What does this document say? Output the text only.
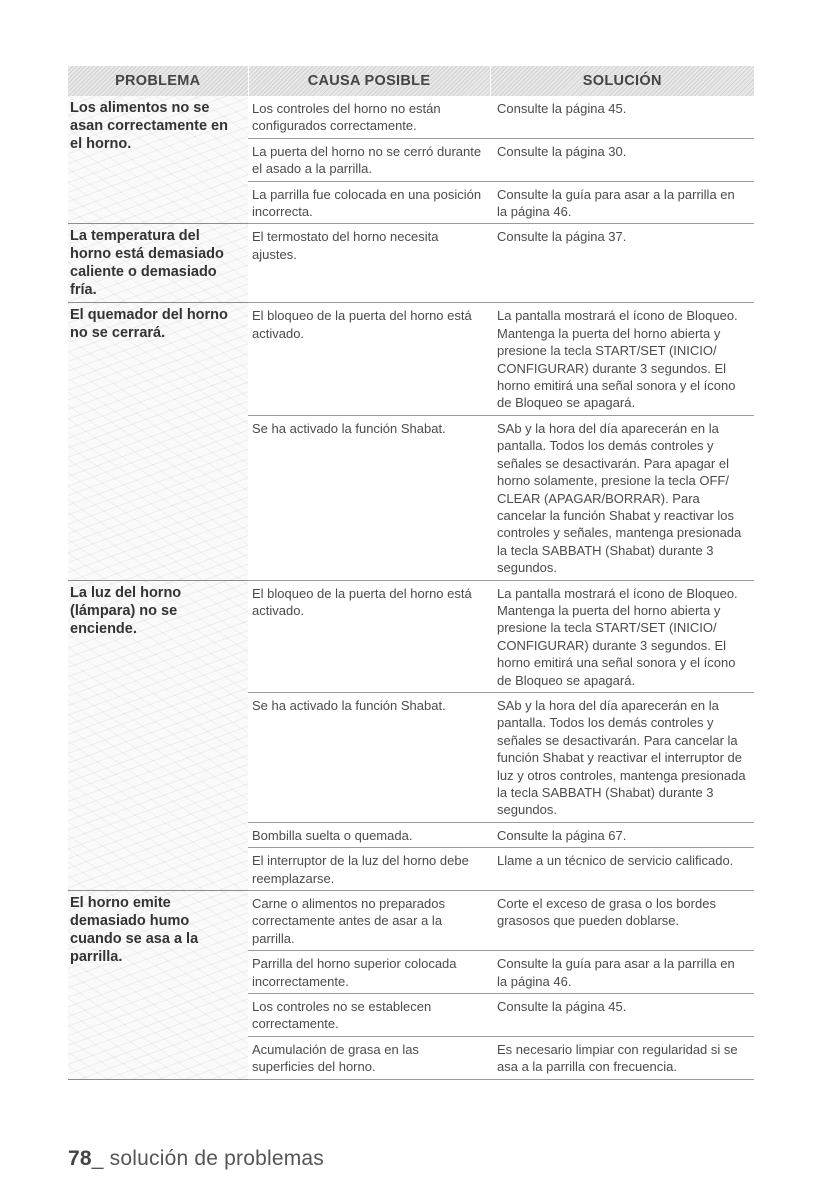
PROBLEMA	CAUSA POSIBLE	SOLUCIÓN
Los alimentos no se asan correctamente en el horno.	Los controles del horno no están configurados correctamente.	Consulte la página 45.
	La puerta del horno no se cerró durante el asado a la parrilla.	Consulte la página 30.
	La parrilla fue colocada en una posición incorrecta.	Consulte la guía para asar a la parrilla en la página 46.
La temperatura del horno está demasiado caliente o demasiado fría.	El termostato del horno necesita ajustes.	Consulte la página 37.
El quemador del horno no se cerrará.	El bloqueo de la puerta del horno está activado.	La pantalla mostrará el ícono de Bloqueo. Mantenga la puerta del horno abierta y presione la tecla START/SET (INICIO/ CONFIGURAR) durante 3 segundos. El horno emitirá una señal sonora y el ícono de Bloqueo se apagará.
	Se ha activado la función Shabat.	SAb y la hora del día aparecerán en la pantalla. Todos los demás controles y señales se desactivarán. Para apagar el horno solamente, presione la tecla OFF/ CLEAR (APAGAR/BORRAR). Para cancelar la función Shabat y reactivar los controles y señales, mantenga presionada la tecla SABBATH (Shabat) durante 3 segundos.
La luz del horno (lámpara) no se enciende.	El bloqueo de la puerta del horno está activado.	La pantalla mostrará el ícono de Bloqueo. Mantenga la puerta del horno abierta y presione la tecla START/SET (INICIO/ CONFIGURAR) durante 3 segundos. El horno emitirá una señal sonora y el ícono de Bloqueo se apagará.
	Se ha activado la función Shabat.	SAb y la hora del día aparecerán en la pantalla. Todos los demás controles y señales se desactivarán. Para cancelar la función Shabat y reactivar el interruptor de luz y otros controles, mantenga presionada la tecla SABBATH (Shabat) durante 3 segundos.
	Bombilla suelta o quemada.	Consulte la página 67.
	El interruptor de la luz del horno debe reemplazarse.	Llame a un técnico de servicio calificado.
El horno emite demasiado humo cuando se asa a la parrilla.	Carne o alimentos no preparados correctamente antes de asar a la parrilla.	Corte el exceso de grasa o los bordes grasosos que pueden doblarse.
	Parrilla del horno superior colocada incorrectamente.	Consulte la guía para asar a la parrilla en la página 46.
	Los controles no se establecen correctamente.	Consulte la página 45.
	Acumulación de grasa en las superficies del horno.	Es necesario limpiar con regularidad si se asa a la parrilla con frecuencia.
78_ solución de problemas
